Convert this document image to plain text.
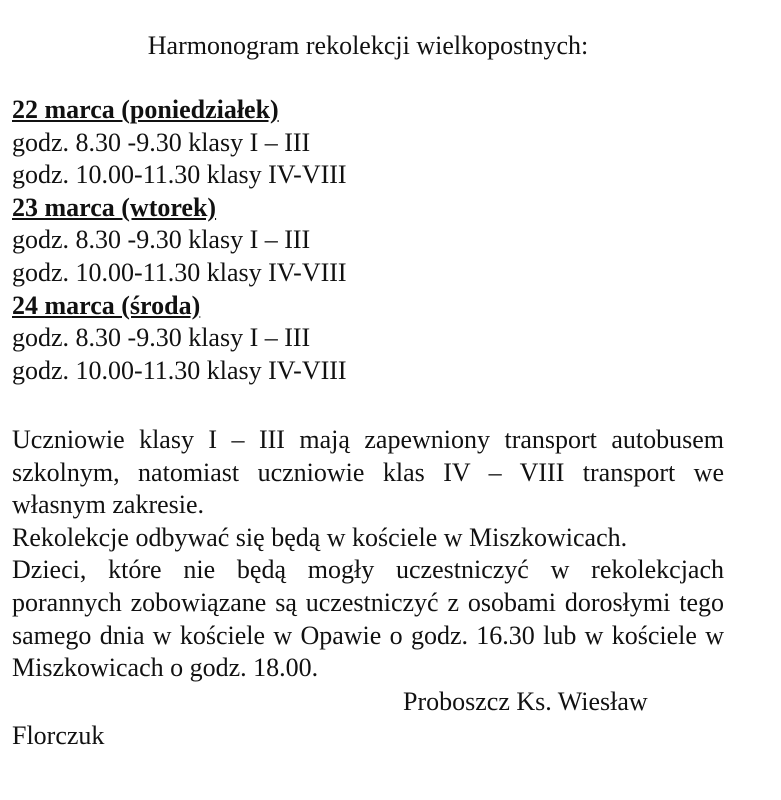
Harmonogram rekolekcji wielkopostnych:
22 marca (poniedziałek)
godz. 8.30 -9.30 klasy I – III
godz. 10.00-11.30 klasy IV-VIII
23 marca (wtorek)
godz. 8.30 -9.30 klasy I – III
godz. 10.00-11.30 klasy IV-VIII
24 marca (środa)
godz. 8.30 -9.30 klasy I – III
godz. 10.00-11.30 klasy IV-VIII

Uczniowie klasy I – III mają zapewniony transport autobusem szkolnym, natomiast uczniowie klas IV – VIII transport we własnym zakresie.

Rekolekcje odbywać się będą w kościele w Miszkowicach.

Dzieci, które nie będą mogły uczestniczyć w rekolekcjach porannych zobowiązane są uczestniczyć z osobami dorosłymi tego samego dnia w kościele w Opawie o godz. 16.30 lub w kościele w Miszkowicach o godz. 18.00.

Proboszcz Ks. Wiesław
Florczuk
